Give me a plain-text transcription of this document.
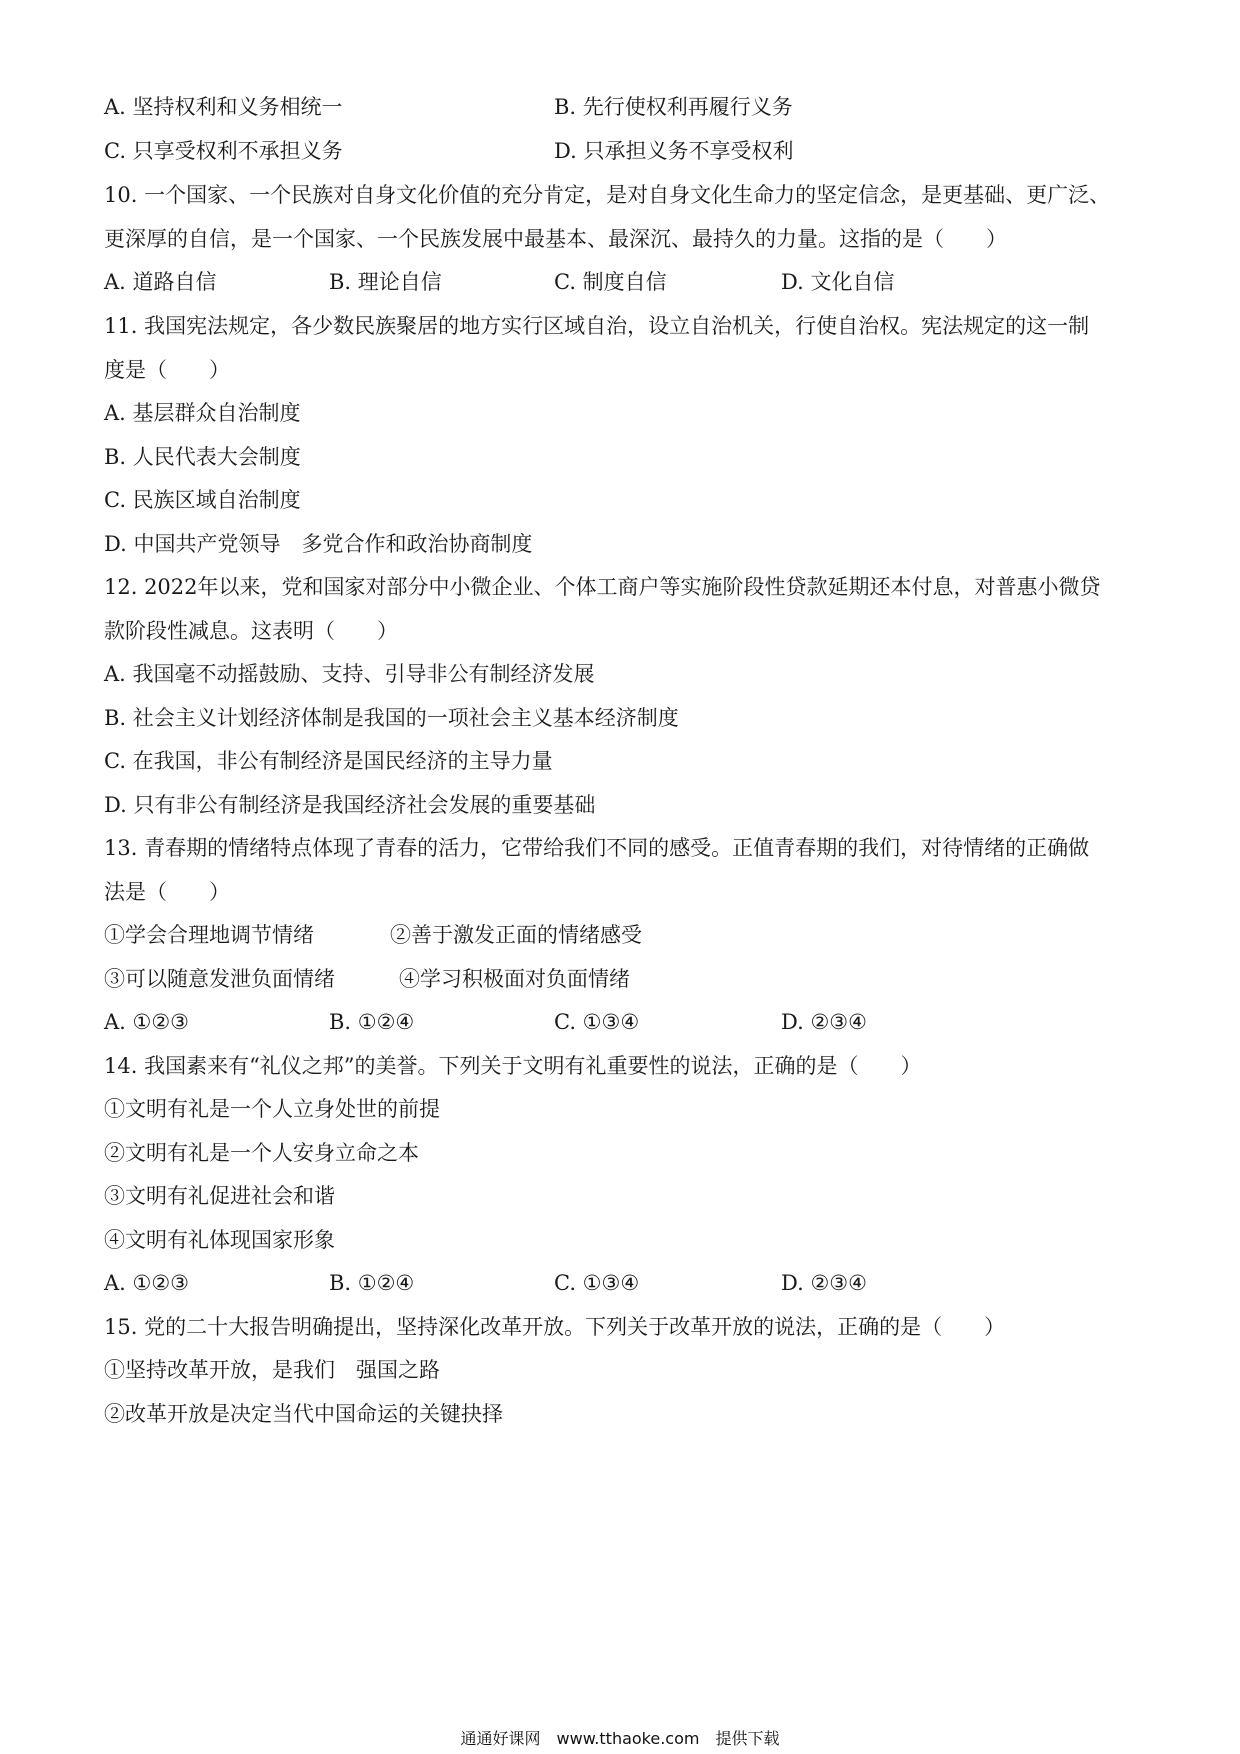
A. 坚持权利和义务相统一	B. 先行使权利再履行义务
C. 只享受权利不承担义务	D. 只承担义务不享受权利
10. 一个国家、一个民族对自身文化价值的充分肯定，是对自身文化生命力的坚定信念，是更基础、更广泛、
更深厚的自信，是一个国家、一个民族发展中最基本、最深沉、最持久的力量。这指的是（　　）
A. 道路自信	B. 理论自信	C. 制度自信	D. 文化自信
11. 我国宪法规定，各少数民族聚居的地方实行区域自治，设立自治机关，行使自治权。宪法规定的这一制
度是（　　）
A. 基层群众自治制度
B. 人民代表大会制度
C. 民族区域自治制度
D. 中国共产党领导　多党合作和政治协商制度
12. 2022年以来，党和国家对部分中小微企业、个体工商户等实施阶段性贷款延期还本付息，对普惠小微贷
款阶段性减息。这表明（　　）
A. 我国毫不动摇鼓励、支持、引导非公有制经济发展
B. 社会主义计划经济体制是我国的一项社会主义基本经济制度
C. 在我国，非公有制经济是国民经济的主导力量
D. 只有非公有制经济是我国经济社会发展的重要基础
13. 青春期的情绪特点体现了青春的活力，它带给我们不同的感受。正值青春期的我们，对待情绪的正确做
法是（　　）
①学会合理地调节情绪	②善于激发正面的情绪感受
③可以随意发泄负面情绪	④学习积极面对负面情绪
A. ①②③	B. ①②④	C. ①③④	D. ②③④
14. 我国素来有“礼仪之邦”的美誉。下列关于文明有礼重要性的说法，正确的是（　　）
①文明有礼是一个人立身处世的前提
②文明有礼是一个人安身立命之本
③文明有礼促进社会和谐
④文明有礼体现国家形象
A. ①②③	B. ①②④	C. ①③④	D. ②③④
15. 党的二十大报告明确提出，坚持深化改革开放。下列关于改革开放的说法，正确的是（　　）
①坚持改革开放，是我们　强国之路
②改革开放是决定当代中国命运的关键抉择
通通好课网　www.tthaoke.com　提供下载
